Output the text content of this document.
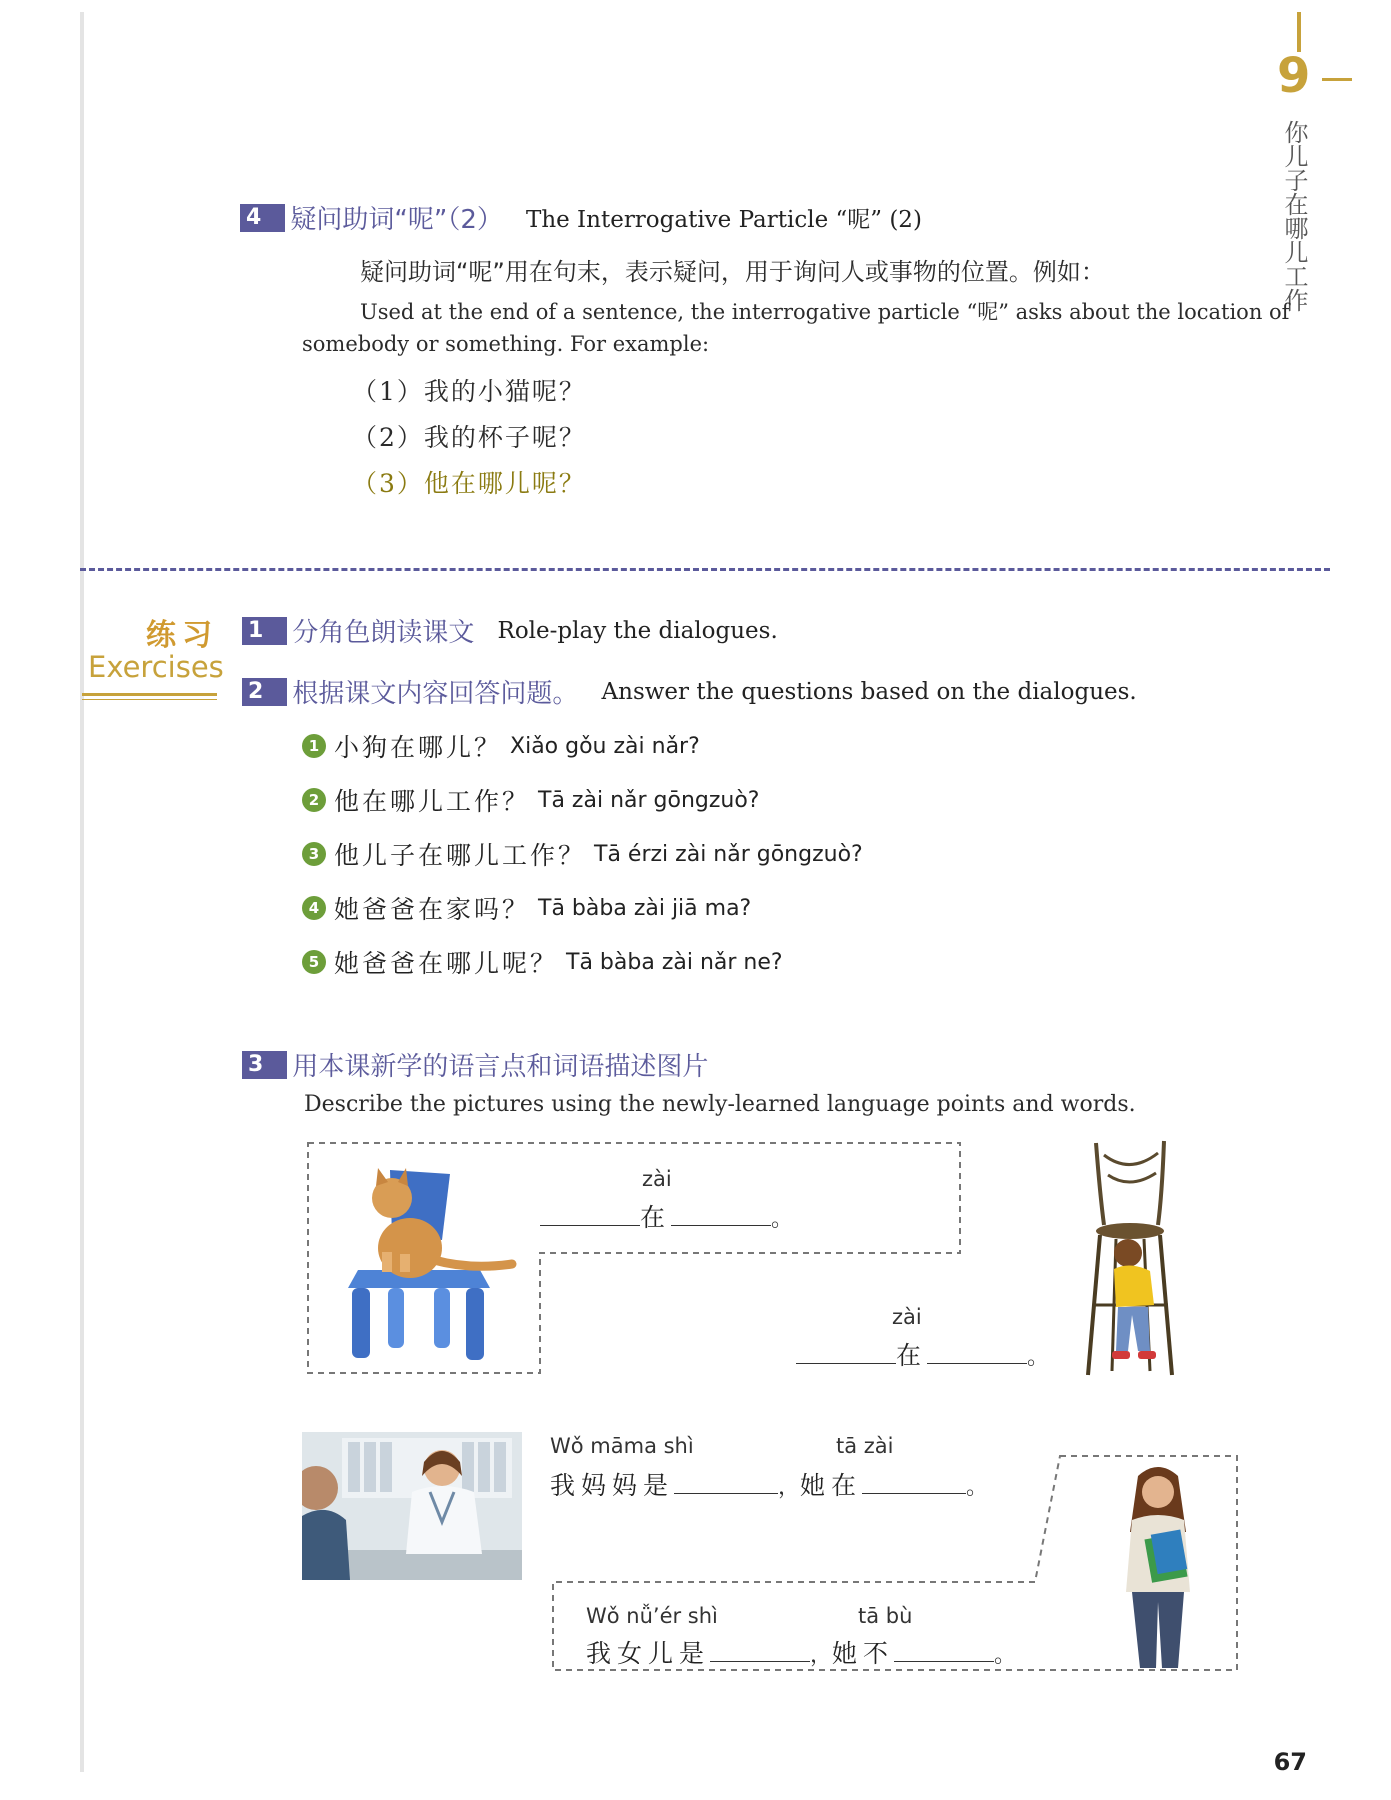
9
你儿子在哪儿工作
4 疑问助词“呢”（2） The Interrogative Particle “呢” (2)
疑问助词“呢”用在句末，表示疑问，用于询问人或事物的位置。例如：
Used at the end of a sentence, the interrogative particle “呢” asks about the location of
somebody or something. For example:
（1）我的小猫呢？
（2）我的杯子呢？
（3）他在哪儿呢？
练习
Exercises
1 分角色朗读课文 Role-play the dialogues.
2 根据课文内容回答问题。 Answer the questions based on the dialogues.
1 小狗在哪儿？ Xiǎo gǒu zài nǎr?
2 他在哪儿工作？ Tā zài nǎr gōngzuò?
3 他儿子在哪儿工作？ Tā érzi zài nǎr gōngzuò?
4 她爸爸在家吗？ Tā bàba zài jiā ma?
5 她爸爸在哪儿呢？ Tā bàba zài nǎr ne?
3 用本课新学的语言点和词语描述图片
Describe the pictures using the newly-learned language points and words.
zài
在	。
zài
在	。
Wǒ māma shì	tā zài
我妈妈是	，她在	。
Wǒ nǚ’ér shì	tā bù
我女儿是	，她不	。
67
